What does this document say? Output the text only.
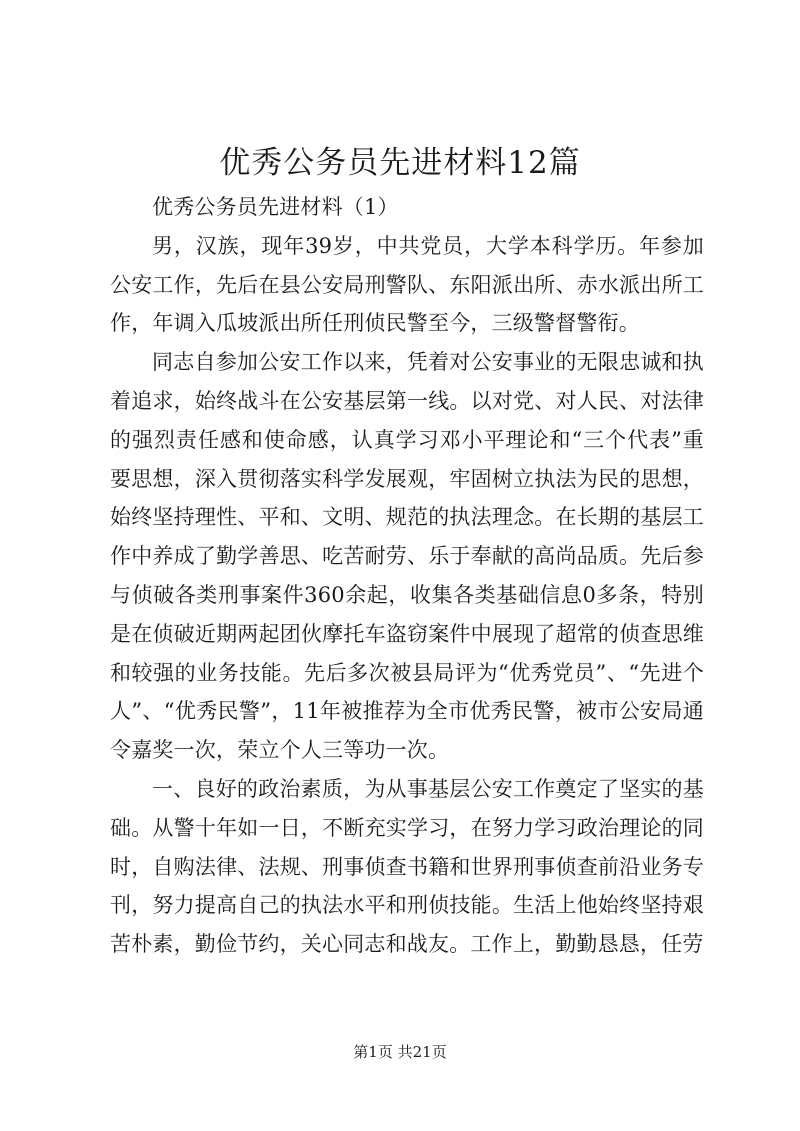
优秀公务员先进材料12篇

优秀公务员先进材料（1）

男，汉族，现年39岁，中共党员，大学本科学历。年参加公安工作，先后在县公安局刑警队、东阳派出所、赤水派出所工作，年调入瓜坡派出所任刑侦民警至今，三级警督警衔。

同志自参加公安工作以来，凭着对公安事业的无限忠诚和执着追求，始终战斗在公安基层第一线。以对党、对人民、对法律的强烈责任感和使命感，认真学习邓小平理论和“三个代表”重要思想，深入贯彻落实科学发展观，牢固树立执法为民的思想，始终坚持理性、平和、文明、规范的执法理念。在长期的基层工作中养成了勤学善思、吃苦耐劳、乐于奉献的高尚品质。先后参与侦破各类刑事案件360余起，收集各类基础信息0多条，特别是在侦破近期两起团伙摩托车盗窃案件中展现了超常的侦查思维和较强的业务技能。先后多次被县局评为“优秀党员”、“先进个人”、“优秀民警”，11年被推荐为全市优秀民警，被市公安局通令嘉奖一次，荣立个人三等功一次。

一、良好的政治素质，为从事基层公安工作奠定了坚实的基础。从警十年如一日，不断充实学习，在努力学习政治理论的同时，自购法律、法规、刑事侦查书籍和世界刑事侦查前沿业务专刊，努力提高自己的执法水平和刑侦技能。生活上他始终坚持艰苦朴素，勤俭节约，关心同志和战友。工作上，勤勤恳恳，任劳

第1页 共21页
